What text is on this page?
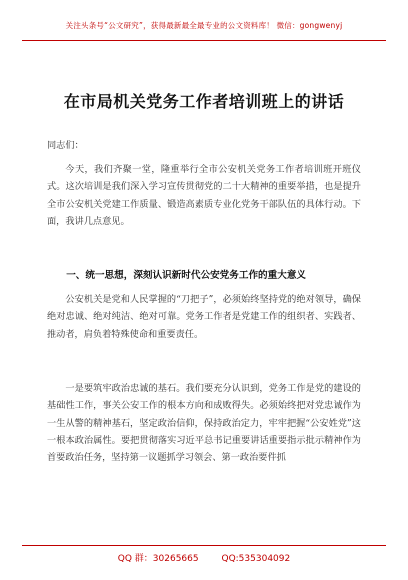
关注头条号“公文研究”，获得最新最全最专业的公文资料库！ 微信：gongwenyj
在市局机关党务工作者培训班上的讲话
同志们：
今天，我们齐聚一堂，隆重举行全市公安机关党务工作者培训班开班仪式。这次培训是我们深入学习宣传贯彻党的二十大精神的重要举措，也是提升全市公安机关党建工作质量、锻造高素质专业化党务干部队伍的具体行动。下面，我讲几点意见。
一、统一思想，深刻认识新时代公安党务工作的重大意义
公安机关是党和人民掌握的“刀把子”，必须始终坚持党的绝对领导，确保绝对忠诚、绝对纯洁、绝对可靠。党务工作者是党建工作的组织者、实践者、推动者，肩负着特殊使命和重要责任。
一是要筑牢政治忠诚的基石。我们要充分认识到，党务工作是党的建设的基础性工作，事关公安工作的根本方向和成败得失。必须始终把对党忠诚作为一生从警的精神基石，坚定政治信仰，保持政治定力，牢牢把握“公安姓党”这一根本政治属性。要把贯彻落实习近平总书记重要讲话重要指示批示精神作为首要政治任务，坚持第一议题抓学习领会、第一政治要件抓
QQ 群：30265665	QQ:535304092
